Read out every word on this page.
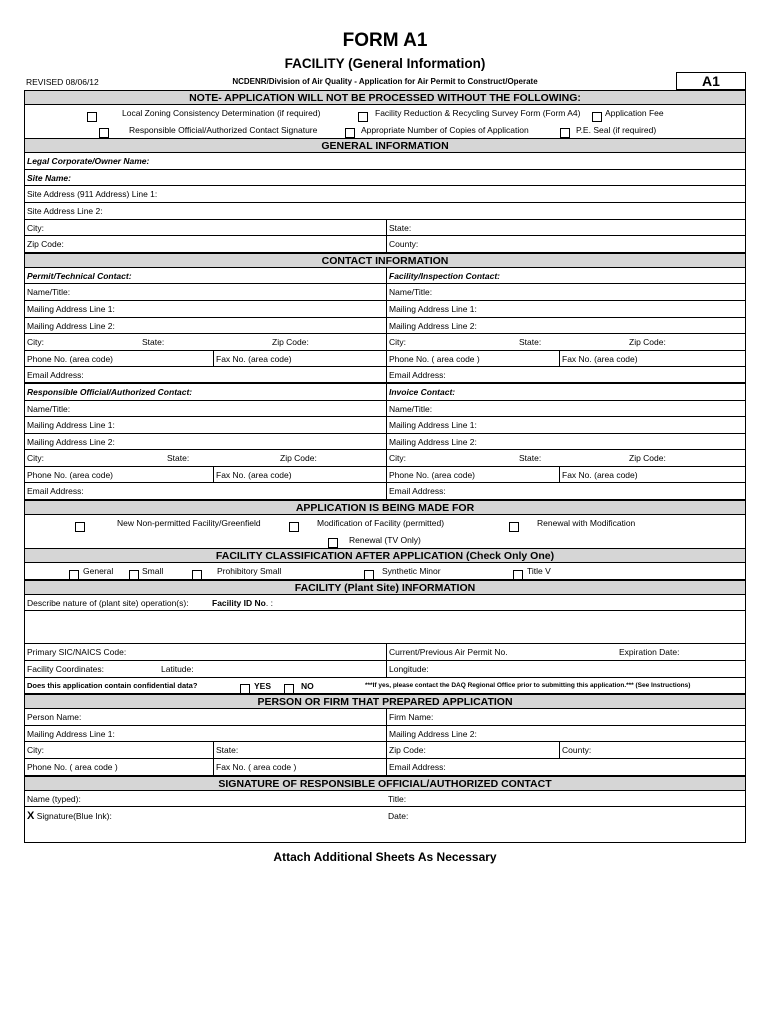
FORM A1
FACILITY (General Information)
REVISED 08/06/12	NCDENR/Division of Air Quality - Application for Air Permit to Construct/Operate	A1
NOTE- APPLICATION WILL NOT BE PROCESSED WITHOUT THE FOLLOWING:
Local Zoning Consistency Determination (if required)	Facility Reduction & Recycling Survey Form (Form A4)	Application Fee
Responsible Official/Authorized Contact Signature	Appropriate Number of Copies of Application	P.E. Seal (if required)
GENERAL INFORMATION
Legal Corporate/Owner Name:
Site Name:
Site Address (911 Address) Line 1:
Site Address Line 2:
City:	State:
Zip Code:	County:
CONTACT INFORMATION
Permit/Technical Contact:	Facility/Inspection Contact:
Name/Title:	Name/Title:
Mailing Address Line 1:	Mailing Address Line 1:
Mailing Address Line 2:	Mailing Address Line 2:
City:	State:	Zip Code:	City:	State:	Zip Code:
Phone No. (area code)	Fax No. (area code)	Phone No. ( area code )	Fax No. (area code)
Email Address:	Email Address:
Responsible Official/Authorized Contact:	Invoice Contact:
Name/Title:	Name/Title:
Mailing Address Line 1:	Mailing Address Line 1:
Mailing Address Line 2:	Mailing Address Line 2:
City:	State:	Zip Code:	City:	State:	Zip Code:
Phone No. (area code)	Fax No. (area code)	Phone No. (area code)	Fax No. (area code)
Email Address:	Email Address:
APPLICATION IS BEING MADE FOR
New Non-permitted Facility/Greenfield	Modification of Facility (permitted)	Renewal with Modification
Renewal (TV Only)
FACILITY CLASSIFICATION AFTER APPLICATION (Check Only One)
General	Small	Prohibitory Small	Synthetic Minor	Title V
FACILITY (Plant Site) INFORMATION
Describe nature of (plant site) operation(s):	Facility ID No. :
Primary SIC/NAICS Code:	Current/Previous Air Permit No.	Expiration Date:
Facility Coordinates:	Latitude:	Longitude:
Does this application contain confidential data?	YES	NO	***If yes, please contact the DAQ Regional Office prior to submitting this application.*** (See Instructions)
PERSON OR FIRM THAT PREPARED APPLICATION
Person Name:	Firm Name:
Mailing Address Line 1:	Mailing Address Line 2:
City:	State:	Zip Code:	County:
Phone No. ( area code )	Fax No. ( area code )	Email Address:
SIGNATURE OF RESPONSIBLE OFFICIAL/AUTHORIZED CONTACT
Name (typed):	Title:
X Signature(Blue Ink):	Date:
Attach Additional Sheets As Necessary
